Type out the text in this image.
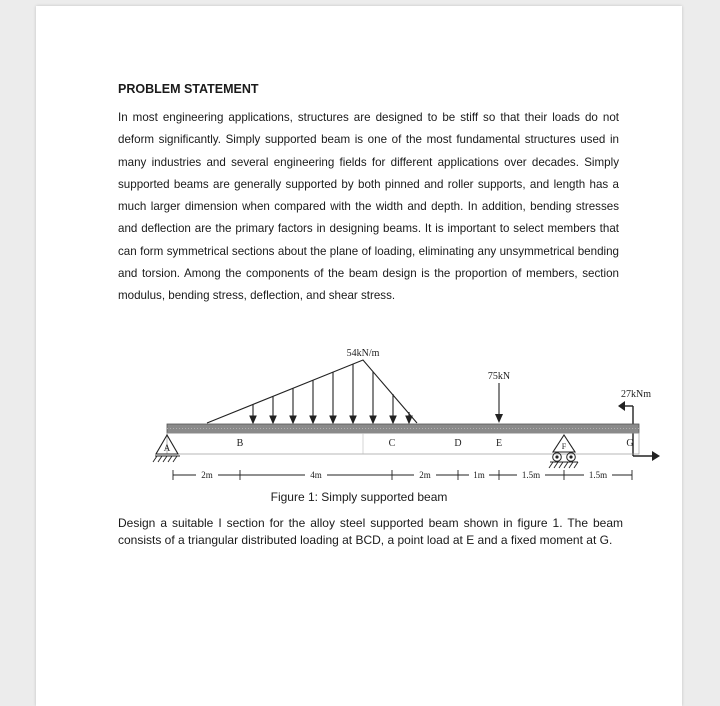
PROBLEM STATEMENT

In most engineering applications, structures are designed to be stiff so that their loads do not deform significantly. Simply supported beam is one of the most fundamental structures used in many industries and several engineering fields for different applications over decades. Simply supported beams are generally supported by both pinned and roller supports, and length has a much larger dimension when compared with the width and depth. In addition, bending stresses and deflection are the primary factors in designing beams. It is important to select members that can form symmetrical sections about the plane of loading, eliminating any unsymmetrical bending and torsion. Among the components of the beam design is the proportion of members, section modulus, bending stress, deflection, and shear stress.

54kN/m
75kN
27kNm
A	B	C	D	E	G
F
2m	4m	2m	1m	1.5m	1.5m

Figure 1: Simply supported beam

Design a suitable I section for the alloy steel supported beam shown in figure 1. The beam consists of a triangular distributed loading at BCD, a point load at E and a fixed moment at G.
